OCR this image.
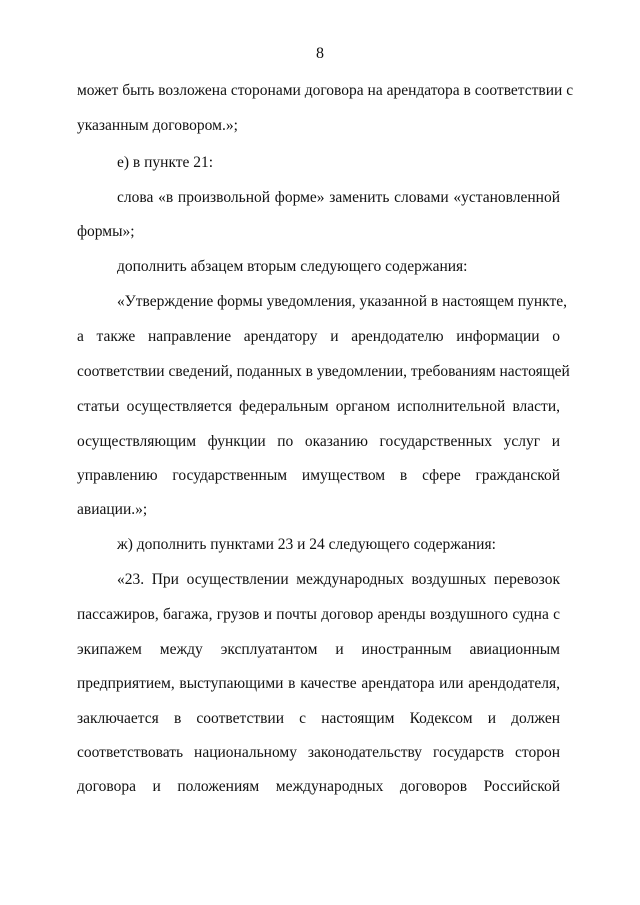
8
может быть возложена сторонами договора на арендатора в соответствии с
указанным договором.»;
е) в пункте 21:
слова «в произвольной форме» заменить словами «установленной
формы»;
дополнить абзацем вторым следующего содержания:
«Утверждение формы уведомления, указанной в настоящем пункте,
а также направление арендатору и арендодателю информации о
соответствии сведений, поданных в уведомлении, требованиям настоящей
статьи осуществляется федеральным органом исполнительной власти,
осуществляющим функции по оказанию государственных услуг и
управлению государственным имуществом в сфере гражданской
авиации.»;
ж) дополнить пунктами 23 и 24 следующего содержания:
«23. При осуществлении международных воздушных перевозок
пассажиров, багажа, грузов и почты договор аренды воздушного судна с
экипажем между эксплуатантом и иностранным авиационным
предприятием, выступающими в качестве арендатора или арендодателя,
заключается в соответствии с настоящим Кодексом и должен
соответствовать национальному законодательству государств сторон
договора и положениям международных договоров Российской
